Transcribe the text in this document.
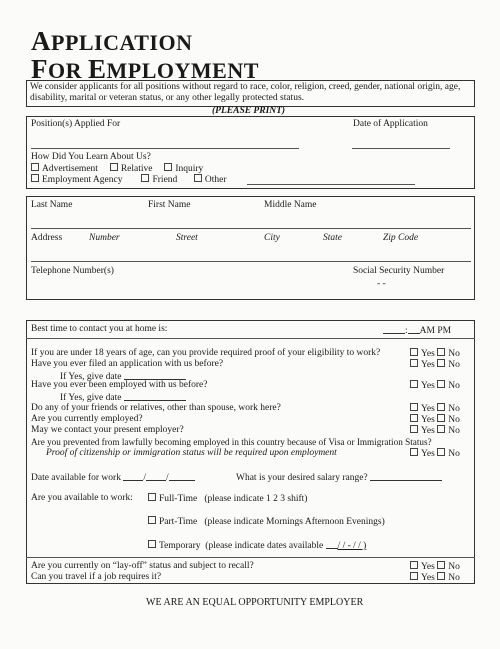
APPLICATION
FOR EMPLOYMENT
We consider applicants for all positions without regard to race, color, religion, creed, gender, national origin, age, disability, marital or veteran status, or any other legally protected status.
(PLEASE PRINT)
Position(s) Applied For	Date of Application
How Did You Learn About Us?
Advertisement Relative Inquiry
Employment Agency	Friend	Other
Last Name	First Name	Middle Name
Address	Number	Street	City	State	Zip Code
Telephone Number(s)	Social Security Number
- -
Best time to contact you at home is:	: AM PM
If you are under 18 years of age, can you provide required proof of your eligibility to work?	Yes No
Have you ever filed an application with us before?	Yes No
If Yes, give date
Have you ever been employed with us before?	Yes No
If Yes, give date
Do any of your friends or relatives, other than spouse, work here?	Yes No
Are you currently employed?	Yes No
May we contact your present employer?	Yes No
Are you prevented from lawfully becoming employed in this country because of Visa or Immigration Status?
Proof of citizenship or immigration status will be required upon employment	Yes No
Date available for work / /	What is your desired salary range?
Are you available to work:	Full-Time (please indicate 1 2 3 shift)
Part-Time (please indicate Mornings Afternoon Evenings)
Temporary (please indicate dates available / / - / / )
Are you currently on “lay-off” status and subject to recall?	Yes No
Can you travel if a job requires it?	Yes No
WE ARE AN EQUAL OPPORTUNITY EMPLOYER
